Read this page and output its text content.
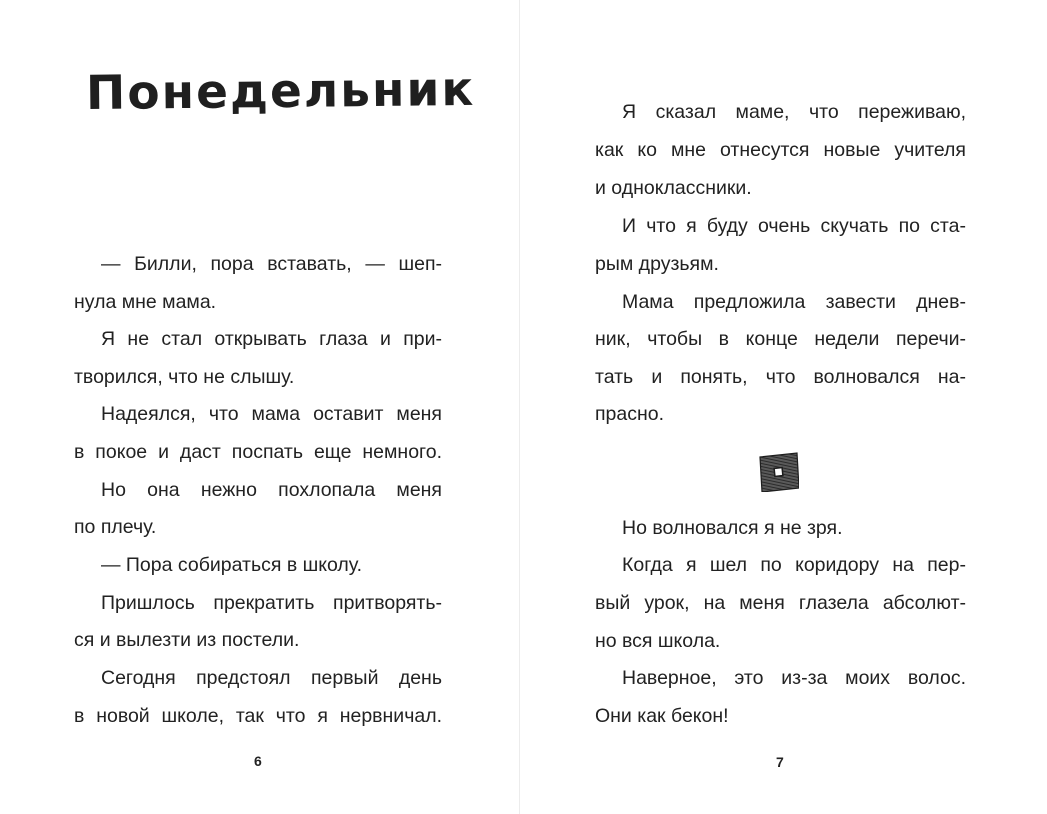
Понедельник
— Билли, пора вставать, — шеп-
нула мне мама.
Я не стал открывать глаза и при-
творился, что не слышу.
Надеялся, что мама оставит меня
в покое и даст поспать еще немного.
Но она нежно похлопала меня
по плечу.
— Пора собираться в школу.
Пришлось прекратить притворять-
ся и вылезти из постели.
Сегодня предстоял первый день
в новой школе, так что я нервничал.
6
Я сказал маме, что переживаю,
как ко мне отнесутся новые учителя
и одноклассники.
И что я буду очень скучать по ста-
рым друзьям.
Мама предложила завести днев-
ник, чтобы в конце недели перечи-
тать и понять, что волновался на-
прасно.
Но волновался я не зря.
Когда я шел по коридору на пер-
вый урок, на меня глазела абсолют-
но вся школа.
Наверное, это из-за моих волос.
Они как бекон!
7
